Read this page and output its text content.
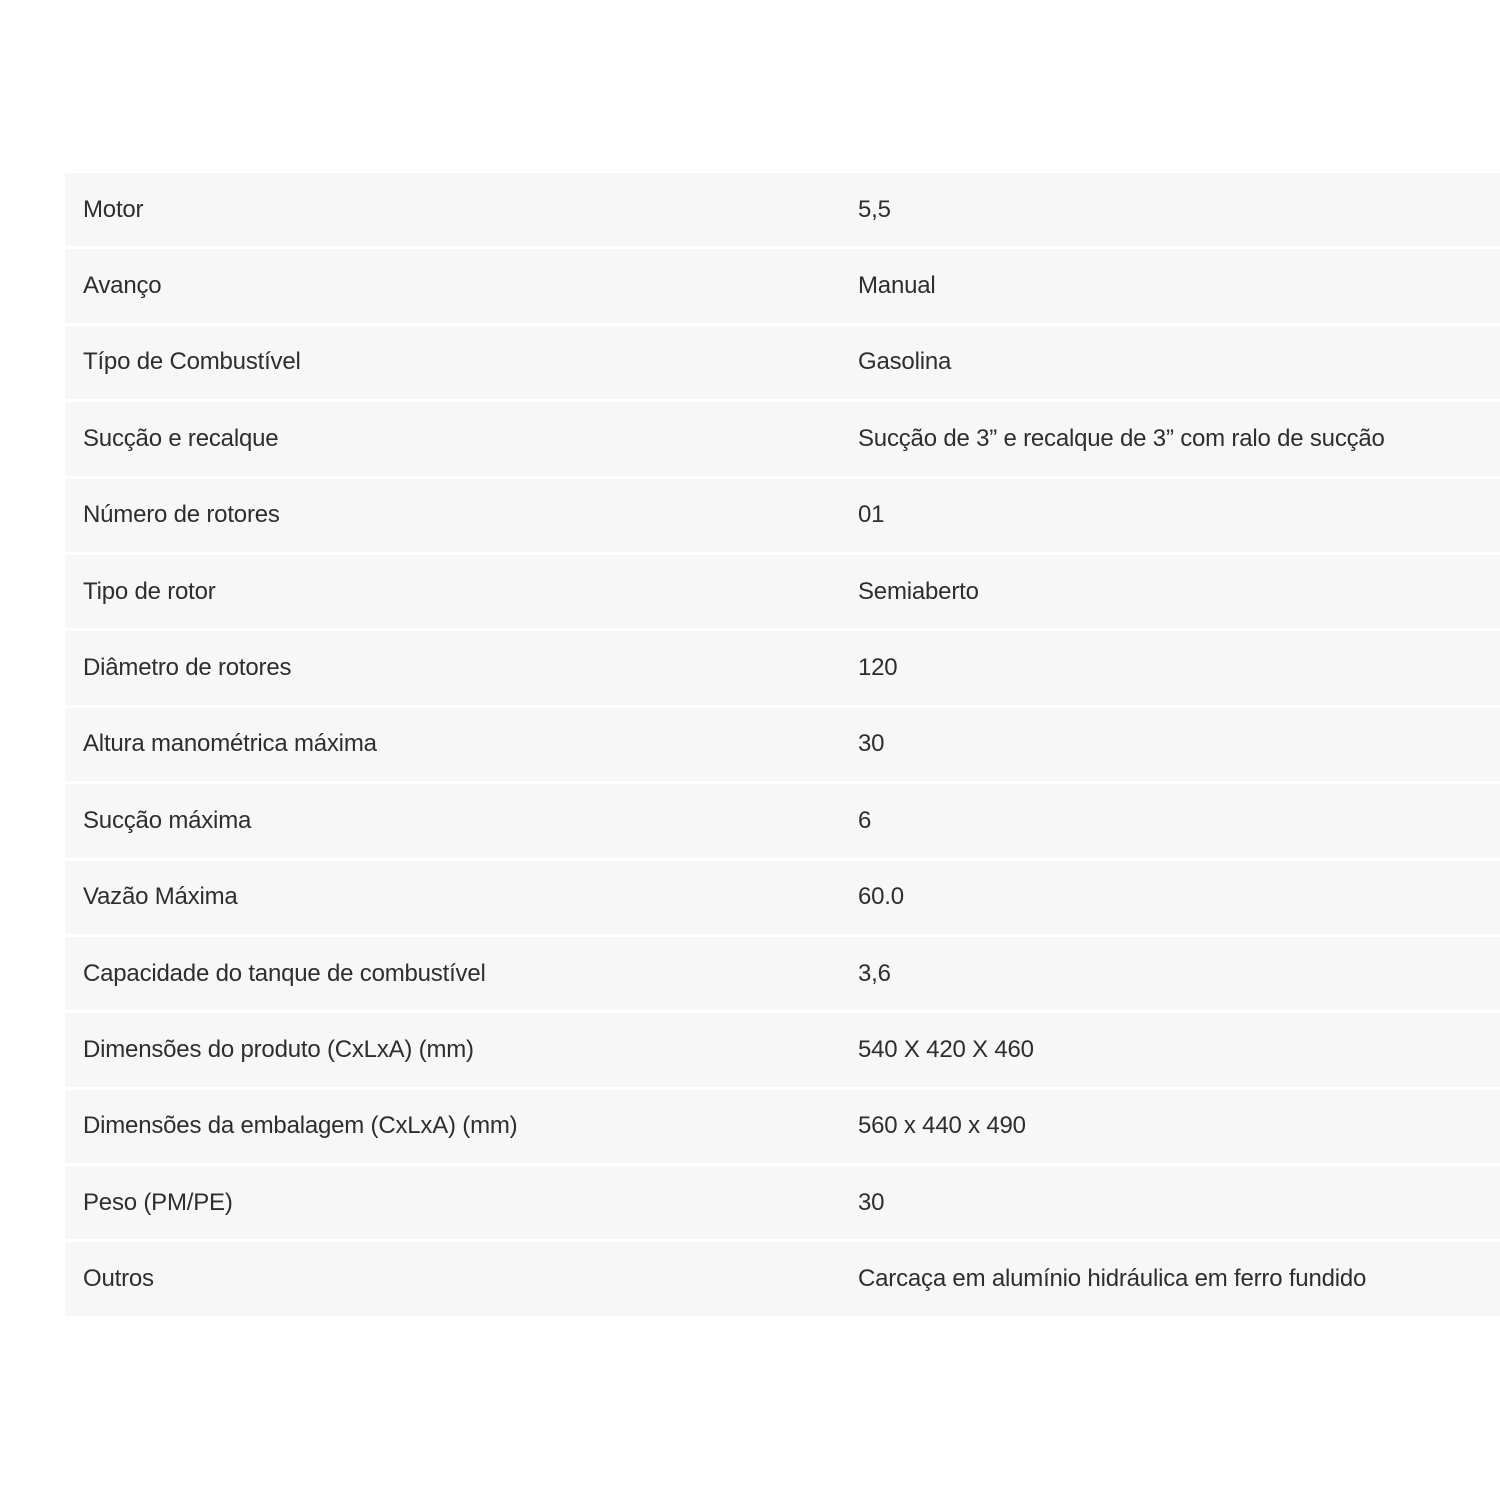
Motor	5,5
Avanço	Manual
Típo de Combustível	Gasolina
Sucção e recalque	Sucção de 3” e recalque de 3” com ralo de sucção
Número de rotores	01
Tipo de rotor	Semiaberto
Diâmetro de rotores	120
Altura manométrica máxima	30
Sucção máxima	6
Vazão Máxima	60.0
Capacidade do tanque de combustível	3,6
Dimensões do produto (CxLxA) (mm)	540 X 420 X 460
Dimensões da embalagem (CxLxA) (mm)	560 x 440 x 490
Peso (PM/PE)	30
Outros	Carcaça em alumínio hidráulica em ferro fundido
